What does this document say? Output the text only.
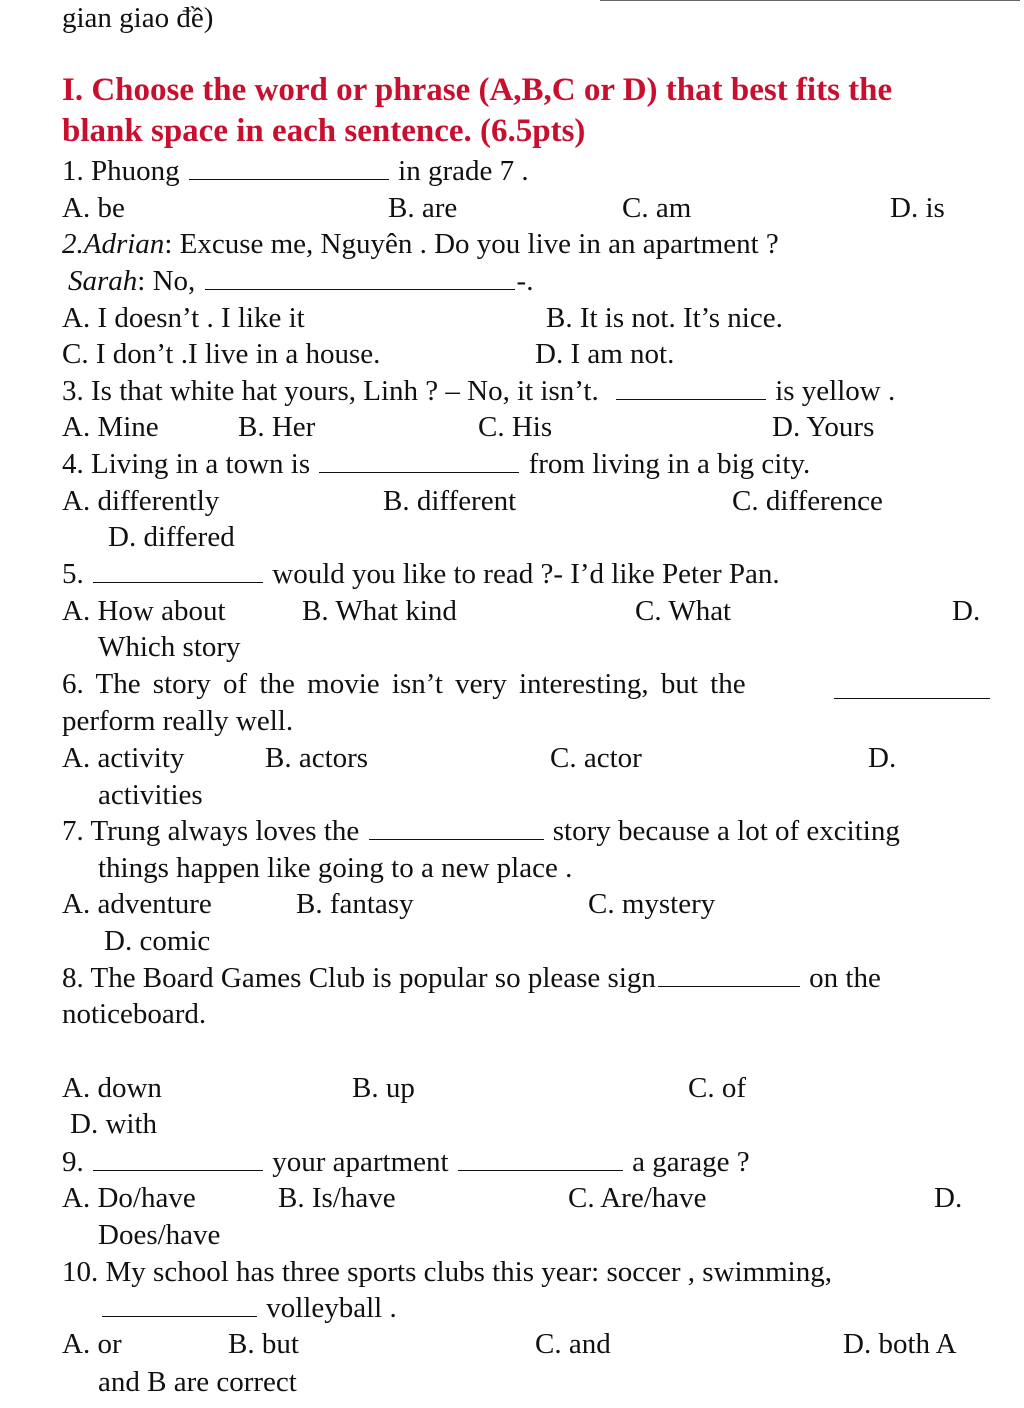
gian giao đề)
I. Choose the word or phrase (A,B,C or D) that best fits the
blank space in each sentence. (6.5pts)
1. Phuong	in grade 7 .
A. be	B. are	C. am	D. is
2.Adrian: Excuse me, Nguyên . Do you live in an apartment ?
Sarah: No,	-.
A. I doesn’t . I like it	B. It is not. It’s nice.
C. I don’t .I live in a house.	D. I am not.
3. Is that white hat yours, Linh ? – No, it isn’t.	is yellow .
A. Mine	B. Her	C. His	D. Yours
4. Living in a town is	from living in a big city.
A. differently	B. different	C. difference
D. differed
5.	would you like to read ?- I’d like Peter Pan.
A. How about	B. What kind	C. What	D.
Which story
6. The story of the movie isn’t very interesting, but the
perform really well.
A. activity	B. actors	C. actor	D.
activities
7. Trung always loves the	story because a lot of exciting
things happen like going to a new place .
A. adventure	B. fantasy	C. mystery
D. comic
8. The Board Games Club is popular so please sign	on the
noticeboard.
A. down	B. up	C. of
D. with
9.	your apartment	a garage ?
A. Do/have	B. Is/have	C. Are/have	D.
Does/have
10. My school has three sports clubs this year: soccer , swimming,
volleyball .
A. or	B. but	C. and	D. both A
and B are correct
